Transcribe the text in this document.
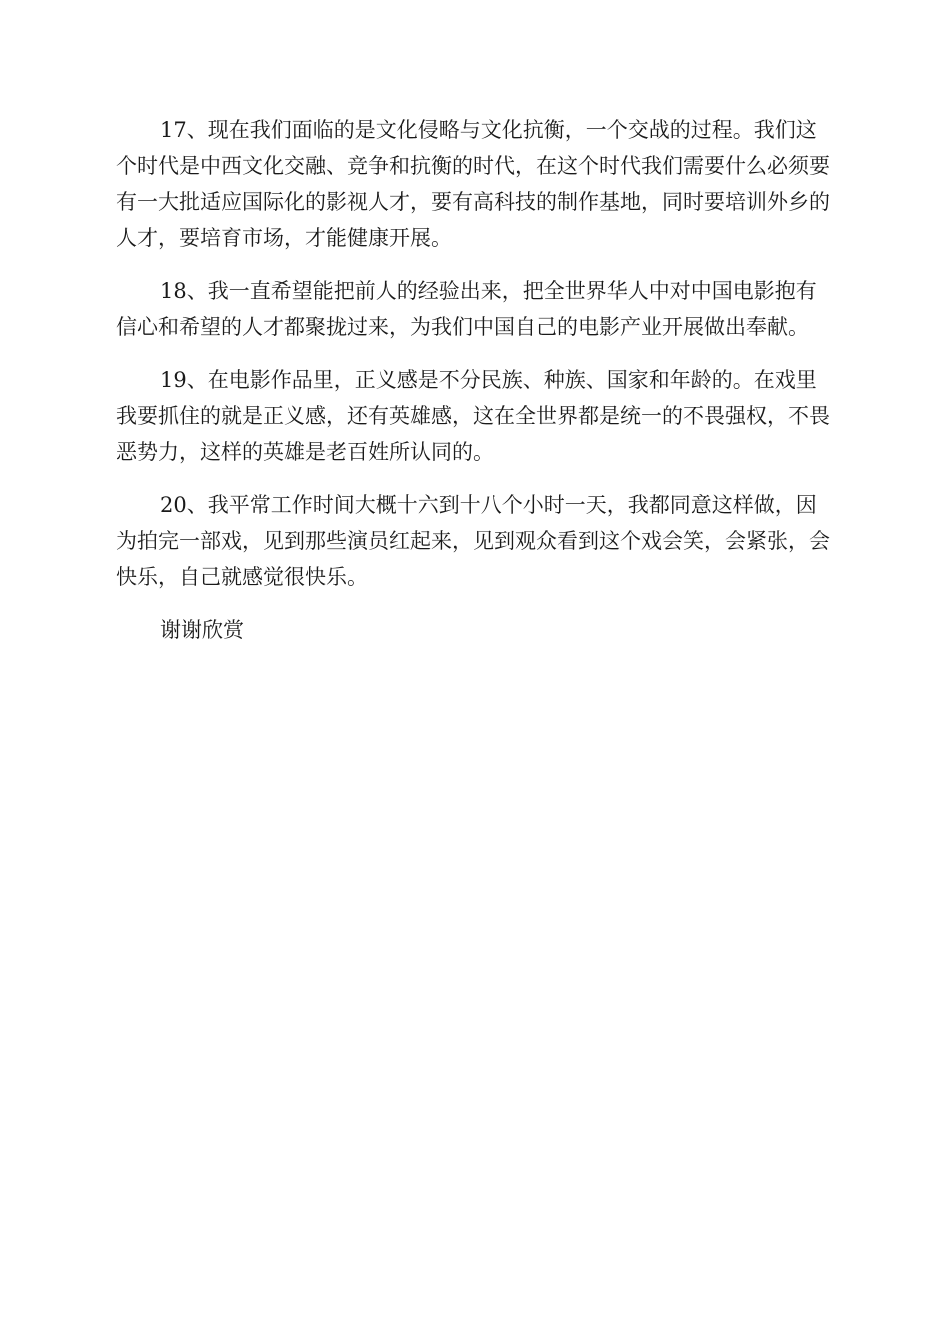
17、现在我们面临的是文化侵略与文化抗衡，一个交战的过程。我们这个时代是中西文化交融、竞争和抗衡的时代，在这个时代我们需要什么必须要有一大批适应国际化的影视人才，要有高科技的制作基地，同时要培训外乡的人才，要培育市场，才能健康开展。

18、我一直希望能把前人的经验出来，把全世界华人中对中国电影抱有信心和希望的人才都聚拢过来，为我们中国自己的电影产业开展做出奉献。

19、在电影作品里，正义感是不分民族、种族、国家和年龄的。在戏里我要抓住的就是正义感，还有英雄感，这在全世界都是统一的不畏强权，不畏恶势力，这样的英雄是老百姓所认同的。

20、我平常工作时间大概十六到十八个小时一天，我都同意这样做，因为拍完一部戏，见到那些演员红起来，见到观众看到这个戏会笑，会紧张，会快乐，自己就感觉很快乐。

谢谢欣赏
